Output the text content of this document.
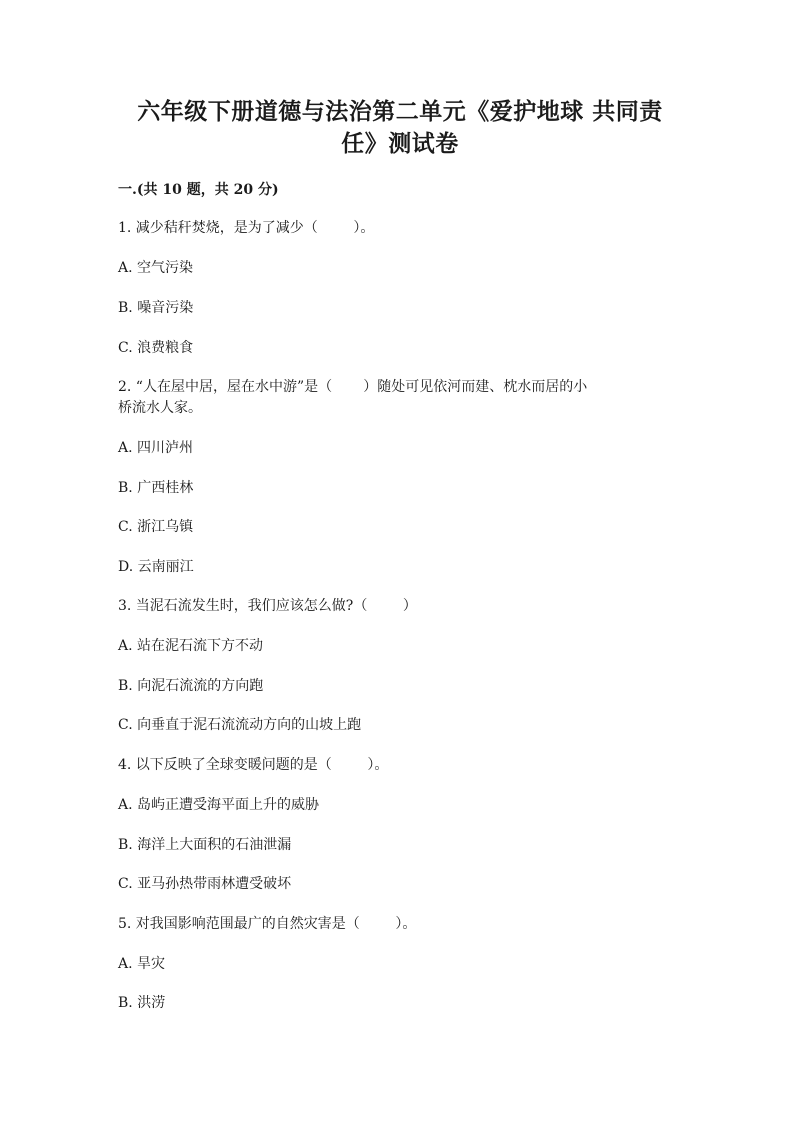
六年级下册道德与法治第二单元《爱护地球 共同责
任》测试卷
一.(共 10 题，共 20 分)
1. 减少秸秆焚烧，是为了减少（        ）。
A. 空气污染
B. 噪音污染
C. 浪费粮食
2. “人在屋中居，屋在水中游”是（       ）随处可见依河而建、枕水而居的小
桥流水人家。
A. 四川泸州
B. 广西桂林
C. 浙江乌镇
D. 云南丽江
3. 当泥石流发生时，我们应该怎么做?（        ）
A. 站在泥石流下方不动
B. 向泥石流流的方向跑
C. 向垂直于泥石流流动方向的山坡上跑
4. 以下反映了全球变暖问题的是（        ）。
A. 岛屿正遭受海平面上升的威胁
B. 海洋上大面积的石油泄漏
C. 亚马孙热带雨林遭受破坏
5. 对我国影响范围最广的自然灾害是（        ）。
A. 旱灾
B. 洪涝
